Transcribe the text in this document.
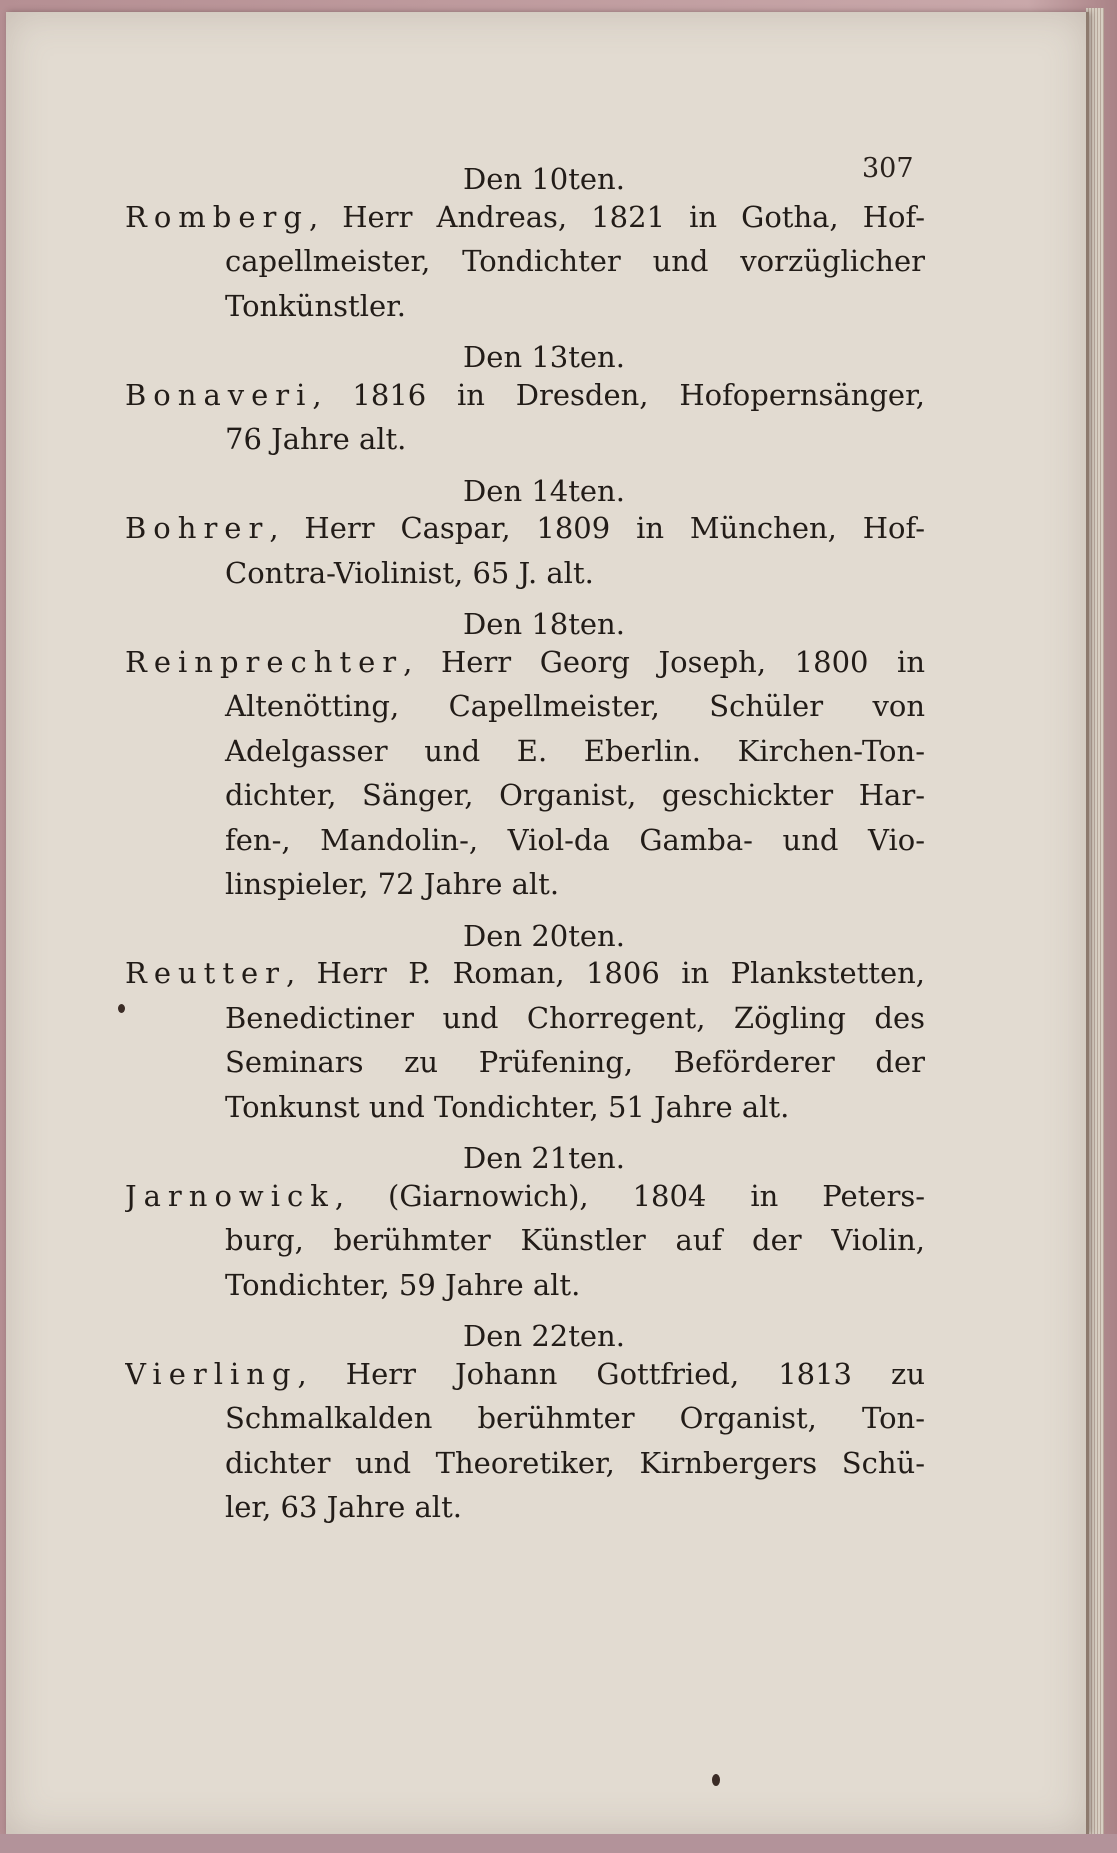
307

Den 10ten.

Romberg, Herr Andreas, 1821 in Gotha, Hof-
capellmeister, Tondichter und vorzüglicher
Tonkünstler.

Den 13ten.

Bonaveri, 1816 in Dresden, Hofopernsänger,
76 Jahre alt.

Den 14ten.

Bohrer, Herr Caspar, 1809 in München, Hof-
Contra-Violinist, 65 J. alt.

Den 18ten.

Reinprechter, Herr Georg Joseph, 1800 in
Altenötting, Capellmeister, Schüler von
Adelgasser und E. Eberlin. Kirchen-Ton-
dichter, Sänger, Organist, geschickter Har-
fen-, Mandolin-, Viol-da Gamba- und Vio-
linspieler, 72 Jahre alt.

Den 20ten.

Reutter, Herr P. Roman, 1806 in Plankstetten,
Benedictiner und Chorregent, Zögling des
Seminars zu Prüfening, Beförderer der
Tonkunst und Tondichter, 51 Jahre alt.

Den 21ten.

Jarnowick, (Giarnowich), 1804 in Peters-
burg, berühmter Künstler auf der Violin,
Tondichter, 59 Jahre alt.

Den 22ten.

Vierling, Herr Johann Gottfried, 1813 zu
Schmalkalden berühmter Organist, Ton-
dichter und Theoretiker, Kirnbergers Schü-
ler, 63 Jahre alt.
